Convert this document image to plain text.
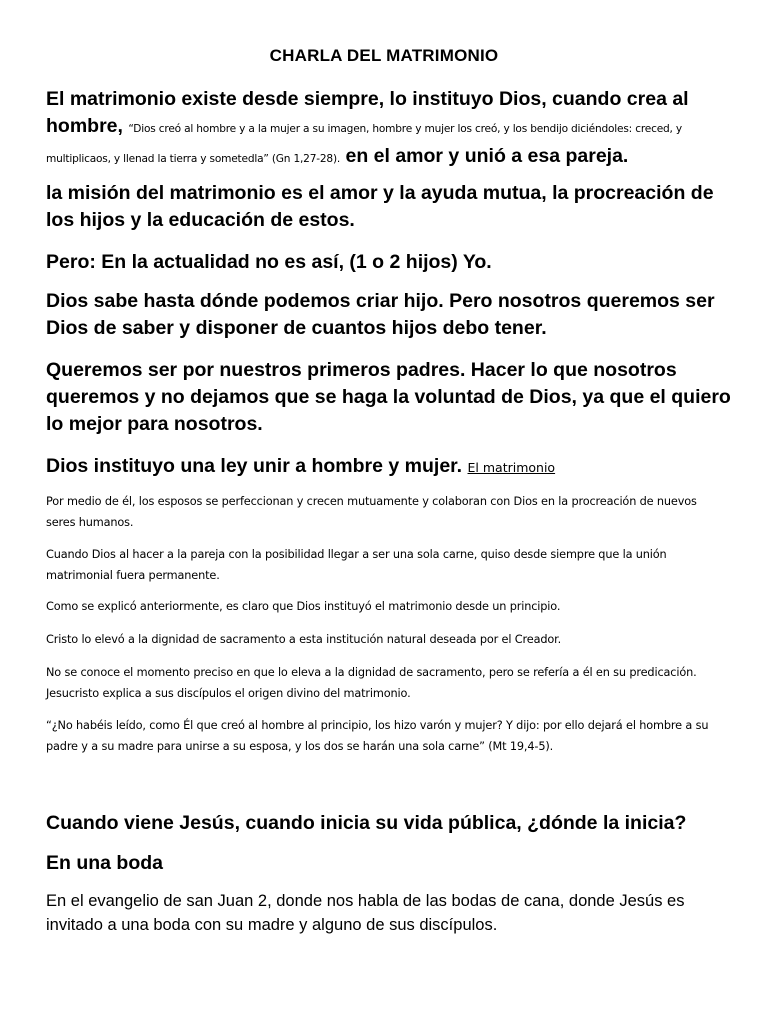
CHARLA DEL MATRIMONIO
El matrimonio existe desde siempre, lo instituyo Dios, cuando crea al hombre, “Dios creó al hombre y a la mujer a su imagen, hombre y mujer los creó, y los bendijo diciéndoles: creced, y multiplicaos, y llenad la tierra y sometedla” (Gn 1,27-28). en el amor y unió a esa pareja.
la misión del matrimonio es el amor y la ayuda mutua, la procreación de los hijos y la educación de estos.
Pero: En la actualidad no es así, (1 o 2 hijos) Yo.
Dios sabe hasta dónde podemos criar hijo. Pero nosotros queremos ser Dios de saber y disponer de cuantos hijos debo tener.
Queremos ser por nuestros primeros padres. Hacer lo que nosotros queremos y no dejamos que se haga la voluntad de Dios, ya que el quiero lo mejor para nosotros.
Dios instituyo una ley unir a hombre y mujer. El matrimonio
Por medio de él, los esposos se perfeccionan y crecen mutuamente y colaboran con Dios en la procreación de nuevos seres humanos.
Cuando Dios al hacer a la pareja con la posibilidad llegar a ser una sola carne, quiso desde siempre que la unión matrimonial fuera permanente.
Como se explicó anteriormente, es claro que Dios instituyó el matrimonio desde un principio.
Cristo lo elevó a la dignidad de sacramento a esta institución natural deseada por el Creador.
No se conoce el momento preciso en que lo eleva a la dignidad de sacramento, pero se refería a él en su predicación. Jesucristo explica a sus discípulos el origen divino del matrimonio.
“¿No habéis leído, como Él que creó al hombre al principio, los hizo varón y mujer? Y dijo: por ello dejará el hombre a su padre y a su madre para unirse a su esposa, y los dos se harán una sola carne” (Mt 19,4-5).
Cuando viene Jesús, cuando inicia su vida pública, ¿dónde la inicia?
En una boda
En el evangelio de san Juan 2, donde nos habla de las bodas de cana, donde Jesús es invitado a una boda con su madre y alguno de sus discípulos.
